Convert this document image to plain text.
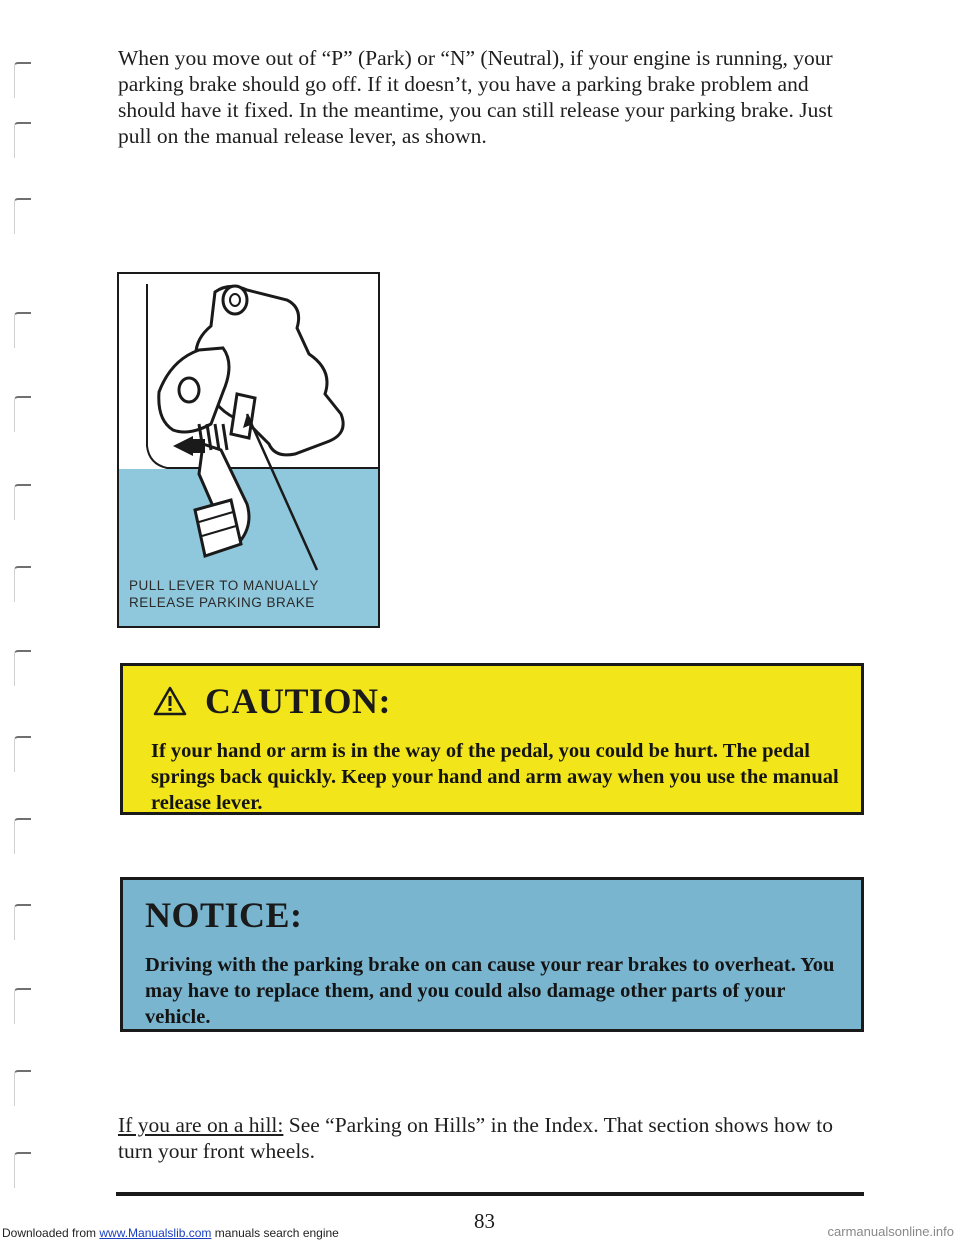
When you move out of “P” (Park) or “N” (Neutral), if your engine is running, your parking brake should go off. If it doesn’t, you have a parking brake problem and should have it fixed. In the meantime, you can still release your parking brake. Just pull on the manual release lever, as shown.

PULL LEVER TO MANUALLY
RELEASE PARKING BRAKE
CAUTION:
If your hand or arm is in the way of the pedal, you could be hurt. The pedal springs back quickly. Keep your hand and arm away when you use the manual release lever.
NOTICE:
Driving with the parking brake on can cause your rear brakes to overheat. You may have to replace them, and you could also damage other parts of your vehicle.

If you are on a hill: See “Parking on Hills” in the Index. That section shows how to turn your front wheels.

83
Downloaded from www.Manualslib.com manuals search engine	carmanualsonline.info
